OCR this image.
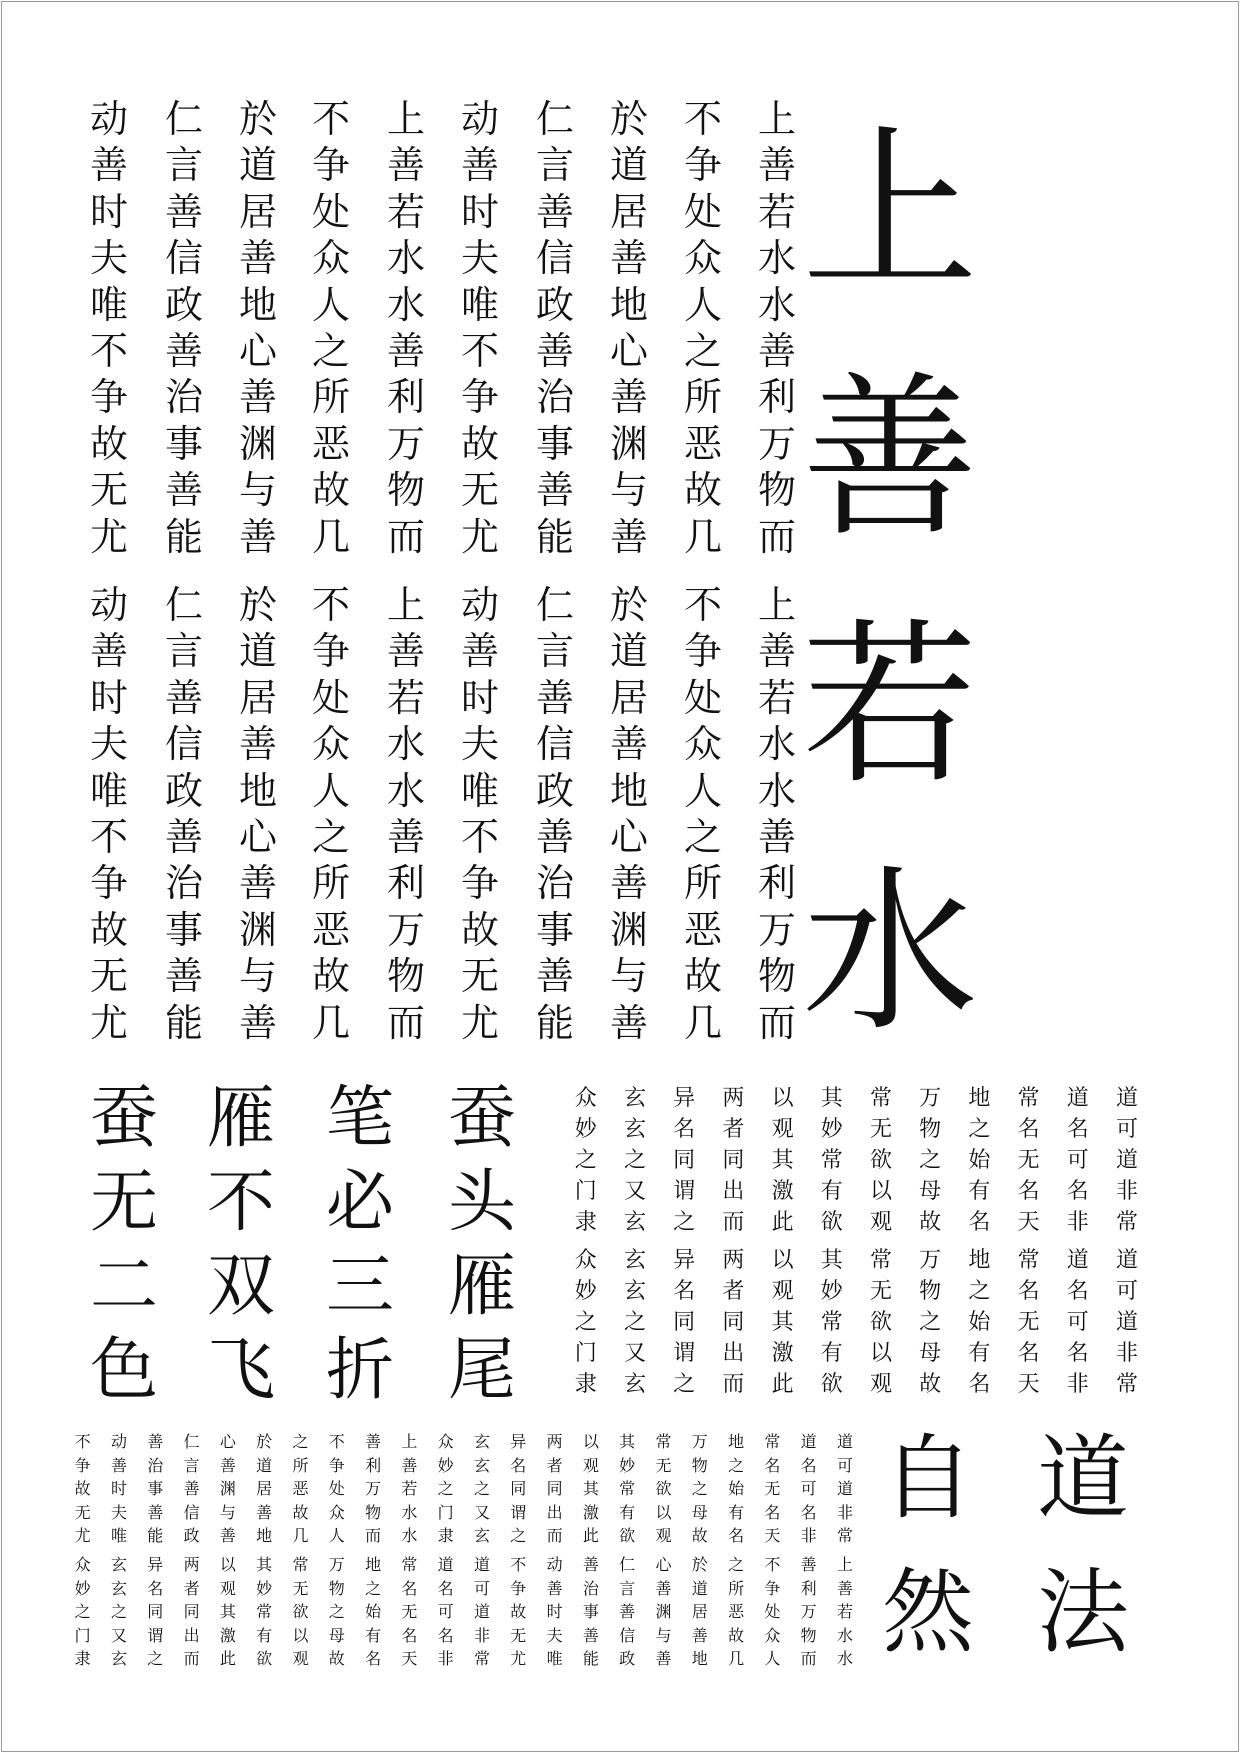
上
善
若
水
上
善
若
水
水
善
利
万
物
而
不
争
处
众
人
之
所
恶
故
几
於
道
居
善
地
心
善
渊
与
善
仁
言
善
信
政
善
治
事
善
能
动
善
时
夫
唯
不
争
故
无
尤
上
善
若
水
水
善
利
万
物
而
不
争
处
众
人
之
所
恶
故
几
於
道
居
善
地
心
善
渊
与
善
仁
言
善
信
政
善
治
事
善
能
动
善
时
夫
唯
不
争
故
无
尤
上
善
若
水
水
善
利
万
物
而
不
争
处
众
人
之
所
恶
故
几
於
道
居
善
地
心
善
渊
与
善
仁
言
善
信
政
善
治
事
善
能
动
善
时
夫
唯
不
争
故
无
尤
上
善
若
水
水
善
利
万
物
而
不
争
处
众
人
之
所
恶
故
几
於
道
居
善
地
心
善
渊
与
善
仁
言
善
信
政
善
治
事
善
能
动
善
时
夫
唯
不
争
故
无
尤
蚕
头
雁
尾
笔
必
三
折
雁
不
双
飞
蚕
无
二
色
道
可
道
非
常
道
名
可
名
非
常
名
无
名
天
地
之
始
有
名
万
物
之
母
故
常
无
欲
以
观
其
妙
常
有
欲
以
观
其
激
此
两
者
同
出
而
异
名
同
谓
之
玄
玄
之
又
玄
众
妙
之
门
隶
道
可
道
非
常
道
名
可
名
非
常
名
无
名
天
地
之
始
有
名
万
物
之
母
故
常
无
欲
以
观
其
妙
常
有
欲
以
观
其
激
此
两
者
同
出
而
异
名
同
谓
之
玄
玄
之
又
玄
众
妙
之
门
隶
道
可
道
非
常
道
名
可
名
非
常
名
无
名
天
地
之
始
有
名
万
物
之
母
故
常
无
欲
以
观
其
妙
常
有
欲
以
观
其
激
此
两
者
同
出
而
异
名
同
谓
之
玄
玄
之
又
玄
众
妙
之
门
隶
上
善
若
水
水
善
利
万
物
而
不
争
处
众
人
之
所
恶
故
几
於
道
居
善
地
心
善
渊
与
善
仁
言
善
信
政
善
治
事
善
能
动
善
时
夫
唯
不
争
故
无
尤
上
善
若
水
水
善
利
万
物
而
不
争
处
众
人
之
所
恶
故
几
於
道
居
善
地
心
善
渊
与
善
仁
言
善
信
政
善
治
事
善
能
动
善
时
夫
唯
不
争
故
无
尤
道
可
道
非
常
道
名
可
名
非
常
名
无
名
天
地
之
始
有
名
万
物
之
母
故
常
无
欲
以
观
其
妙
常
有
欲
以
观
其
激
此
两
者
同
出
而
异
名
同
谓
之
玄
玄
之
又
玄
众
妙
之
门
隶
道
法
自
然
